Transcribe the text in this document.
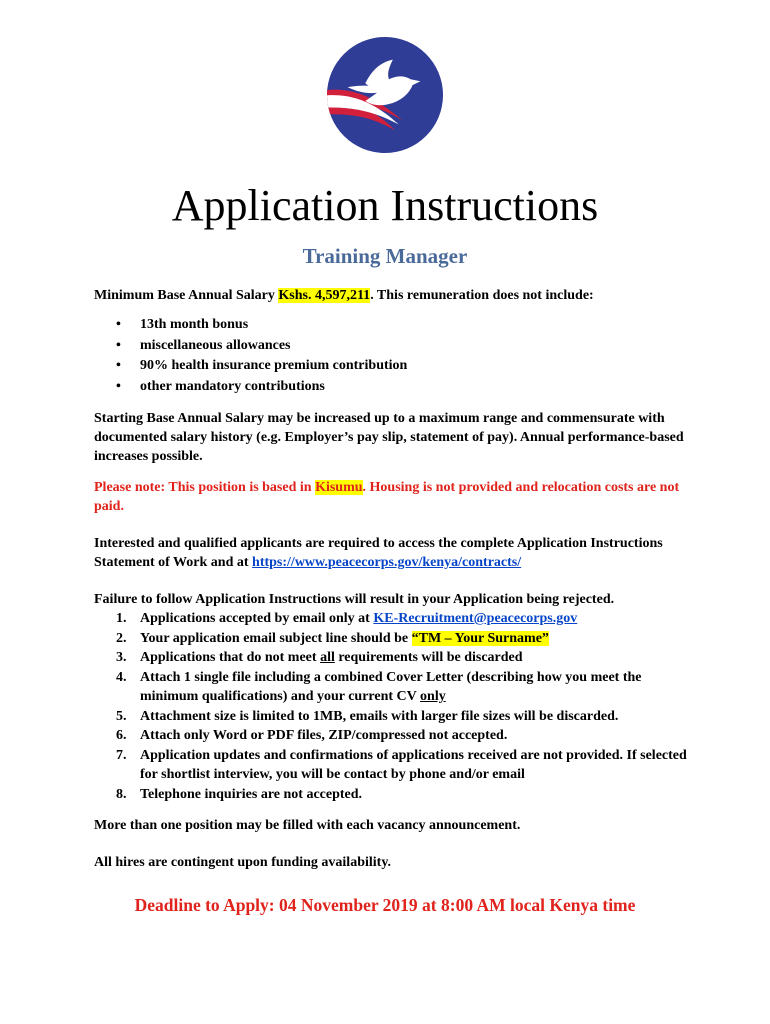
Application Instructions
Training Manager

Minimum Base Annual Salary Kshs. 4,597,211. This remuneration does not include:

• 13th month bonus
• miscellaneous allowances
• 90% health insurance premium contribution
• other mandatory contributions

Starting Base Annual Salary may be increased up to a maximum range and commensurate with documented salary history (e.g. Employer’s pay slip, statement of pay). Annual performance-based increases possible.

Please note: This position is based in Kisumu. Housing is not provided and relocation costs are not paid.

Interested and qualified applicants are required to access the complete Application Instructions Statement of Work and at https://www.peacecorps.gov/kenya/contracts/

Failure to follow Application Instructions will result in your Application being rejected.

1. Applications accepted by email only at KE-Recruitment@peacecorps.gov
2. Your application email subject line should be “TM – Your Surname”
3. Applications that do not meet all requirements will be discarded
4. Attach 1 single file including a combined Cover Letter (describing how you meet the minimum qualifications) and your current CV only
5. Attachment size is limited to 1MB, emails with larger file sizes will be discarded.
6. Attach only Word or PDF files, ZIP/compressed not accepted.
7. Application updates and confirmations of applications received are not provided. If selected for shortlist interview, you will be contact by phone and/or email
8. Telephone inquiries are not accepted.

More than one position may be filled with each vacancy announcement.

All hires are contingent upon funding availability.

Deadline to Apply: 04 November 2019 at 8:00 AM local Kenya time
